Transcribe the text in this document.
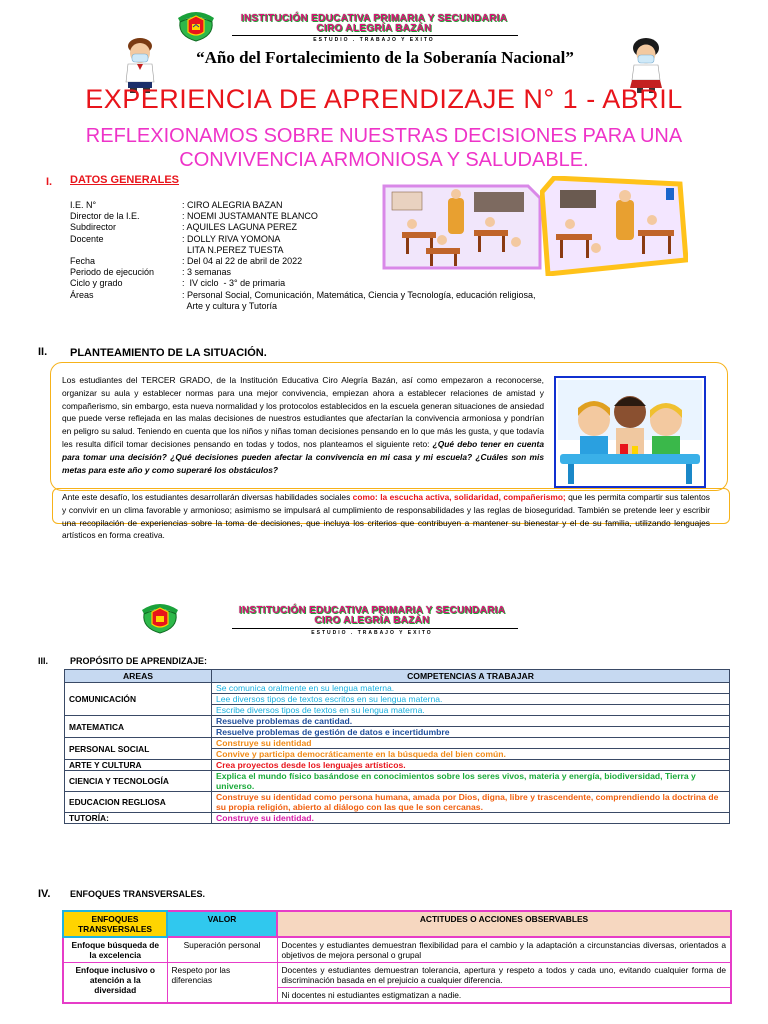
INSTITUCIÓN EDUCATIVA PRIMARIA Y SECUNDARIA
CIRO ALEGRÍA BAZÁN
ESTUDIO . TRABAJO Y EXITO
“Año del Fortalecimiento de la Soberanía Nacional”
EXPERIENCIA DE APRENDIZAJE N° 1 - ABRIL
REFLEXIONAMOS SOBRE NUESTRAS DECISIONES PARA UNA
CONVIVENCIA ARMONIOSA Y SALUDABLE.
I. DATOS GENERALES
I.E. N°	: CIRO ALEGRIA BAZAN
Director de la I.E.	: NOEMI JUSTAMANTE BLANCO
Subdirector	: AQUILES LAGUNA PEREZ
Docente	: DOLLY RIVA YOMONA
LITA N.PEREZ TUESTA
Fecha	: Del 04 al 22 de abril de 2022
Periodo de ejecución	: 3 semanas
Ciclo y grado	:  IV ciclo  - 3° de primaria
Áreas	: Personal Social, Comunicación, Matemática, Ciencia y Tecnología, educación religiosa,
Arte y cultura y Tutoría
II. PLANTEAMIENTO DE LA SITUACIÓN.
Los estudiantes del TERCER GRADO, de la Institución Educativa Ciro Alegría Bazán, así como empezaron a reconocerse, organizar su aula y establecer normas para una mejor convivencia, empiezan ahora a establecer relaciones de amistad y compañerismo, sin embargo, esta nueva normalidad y los protocolos establecidos en la escuela generan situaciones de ansiedad que puede verse reflejada en las malas decisiones de nuestros estudiantes que afectarían la convivencia armoniosa y pondrían en peligro su salud. Teniendo en cuenta que los niños y niñas toman decisiones pensando en lo que más les gusta, y que todavía les resulta difícil tomar decisiones pensando en todas y todos, nos planteamos el siguiente reto: ¿Qué debo tener en cuenta para tomar una decisión? ¿Qué decisiones pueden afectar la convivencia en mi casa y mi escuela? ¿Cuáles son mis metas para este año y como superaré los obstáculos?
Ante este desafío, los estudiantes desarrollarán diversas habilidades sociales como: la escucha activa, solidaridad, compañerismo; que les permita compartir sus talentos y convivir en un clima favorable y armonioso; asimismo se impulsará al cumplimiento de responsabilidades y las reglas de bioseguridad. También se pretende leer y escribir una recopilación de experiencias sobre la toma de decisiones, que incluya los criterios que contribuyen a mantener su bienestar y el de su familia, utilizando lenguajes artísticos en forma creativa.
INSTITUCIÓN EDUCATIVA PRIMARIA Y SECUNDARIA
CIRO ALEGRÍA BAZÁN
ESTUDIO . TRABAJO Y EXITO
III. PROPÓSITO DE APRENDIZAJE:
AREAS	COMPETENCIAS A TRABAJAR
COMUNICACIÓN	Se comunica oralmente en su lengua materna.
	Lee diversos tipos de textos escritos en su lengua materna.
	Escribe diversos tipos de textos en su lengua materna.
MATEMATICA	Resuelve problemas de cantidad.
	Resuelve problemas de gestión de datos e incertidumbre
PERSONAL SOCIAL	Construye su identidad
	Convive y participa democráticamente en la búsqueda del bien común.
ARTE Y CULTURA	Crea proyectos desde los lenguajes artísticos.
CIENCIA Y TECNOLOGÍA	Explica el mundo físico basándose en conocimientos sobre los seres vivos, materia y energía, biodiversidad, Tierra y universo.
EDUCACION REGLIOSA	Construye su identidad como persona humana, amada por Dios, digna, libre y trascendente, comprendiendo la doctrina de su propia religión, abierto al diálogo con las que le son cercanas.
TUTORÍA:	Construye su identidad.
IV. ENFOQUES TRANSVERSALES.
ENFOQUES TRANSVERSALES	VALOR	ACTITUDES O ACCIONES OBSERVABLES
Enfoque búsqueda de la excelencia	Superación personal	Docentes y estudiantes demuestran flexibilidad para el cambio y la adaptación a circunstancias diversas, orientados a objetivos de mejora personal o grupal

Enfoque inclusivo o atención a la diversidad	Respeto por las diferencias	Docentes y estudiantes demuestran tolerancia, apertura y respeto a todos y cada uno, evitando cualquier forma de discriminación basada en el prejuicio a cualquier diferencia.
Ni docentes ni estudiantes estigmatizan a nadie.
